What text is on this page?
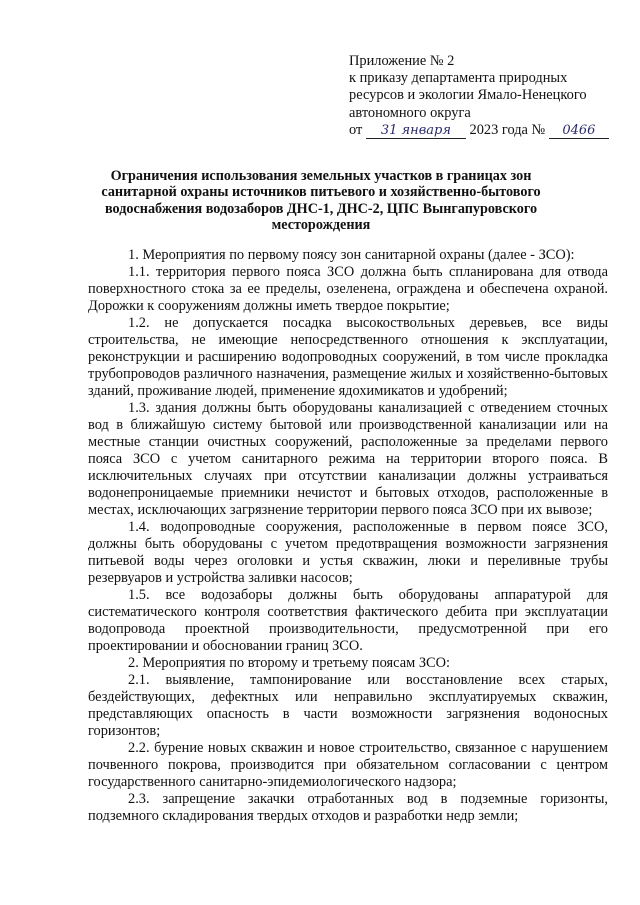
Приложение № 2
к приказу департамента природных
ресурсов и экологии Ямало-Ненецкого
автономного округа
от 31 января 2023 года № 0466
Ограничения использования земельных участков в границах зон санитарной охраны источников питьевого и хозяйственно-бытового водоснабжения водозаборов ДНС-1, ДНС-2, ЦПС Вынгапуровского месторождения

1. Мероприятия по первому поясу зон санитарной охраны (далее - ЗСО):

1.1. территория первого пояса ЗСО должна быть спланирована для отвода поверхностного стока за ее пределы, озеленена, ограждена и обеспечена охраной. Дорожки к сооружениям должны иметь твердое покрытие;

1.2. не допускается посадка высокоствольных деревьев, все виды строительства, не имеющие непосредственного отношения к эксплуатации, реконструкции и расширению водопроводных сооружений, в том числе прокладка трубопроводов различного назначения, размещение жилых и хозяйственно-бытовых зданий, проживание людей, применение ядохимикатов и удобрений;

1.3. здания должны быть оборудованы канализацией с отведением сточных вод в ближайшую систему бытовой или производственной канализации или на местные станции очистных сооружений, расположенные за пределами первого пояса ЗСО с учетом санитарного режима на территории второго пояса. В исключительных случаях при отсутствии канализации должны устраиваться водонепроницаемые приемники нечистот и бытовых отходов, расположенные в местах, исключающих загрязнение территории первого пояса ЗСО при их вывозе;

1.4. водопроводные сооружения, расположенные в первом поясе ЗСО, должны быть оборудованы с учетом предотвращения возможности загрязнения питьевой воды через оголовки и устья скважин, люки и переливные трубы резервуаров и устройства заливки насосов;

1.5. все водозаборы должны быть оборудованы аппаратурой для систематического контроля соответствия фактического дебита при эксплуатации водопровода проектной производительности, предусмотренной при его проектировании и обосновании границ ЗСО.

2. Мероприятия по второму и третьему поясам ЗСО:

2.1. выявление, тампонирование или восстановление всех старых, бездействующих, дефектных или неправильно эксплуатируемых скважин, представляющих опасность в части возможности загрязнения водоносных горизонтов;

2.2. бурение новых скважин и новое строительство, связанное с нарушением почвенного покрова, производится при обязательном согласовании с центром государственного санитарно-эпидемиологического надзора;

2.3. запрещение закачки отработанных вод в подземные горизонты, подземного складирования твердых отходов и разработки недр земли;
